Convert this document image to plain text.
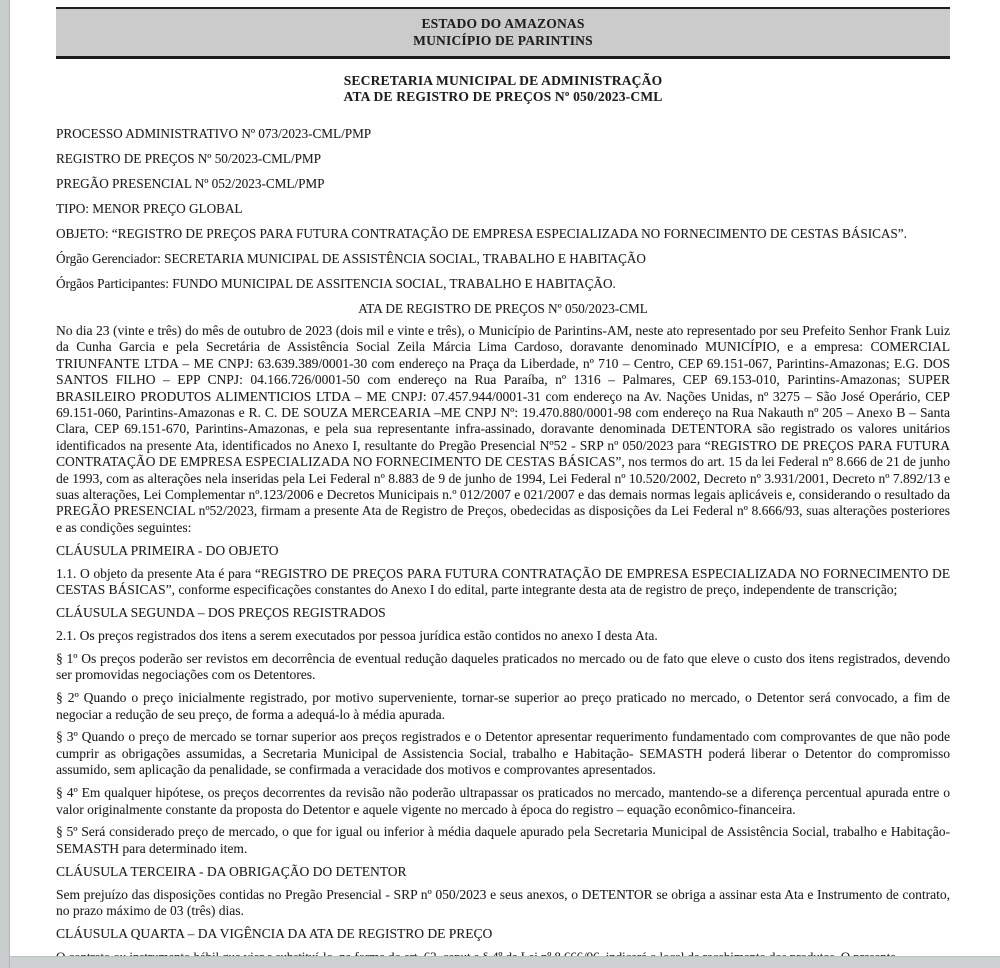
ESTADO DO AMAZONAS
MUNICÍPIO DE PARINTINS
SECRETARIA MUNICIPAL DE ADMINISTRAÇÃO
ATA DE REGISTRO DE PREÇOS Nº 050/2023-CML

PROCESSO ADMINISTRATIVO Nº 073/2023-CML/PMP

REGISTRO DE PREÇOS Nº 50/2023-CML/PMP

PREGÃO PRESENCIAL Nº 052/2023-CML/PMP

TIPO: MENOR PREÇO GLOBAL

OBJETO: “REGISTRO DE PREÇOS PARA FUTURA CONTRATAÇÃO DE EMPRESA ESPECIALIZADA NO FORNECIMENTO DE CESTAS BÁSICAS”.

Órgão Gerenciador: SECRETARIA MUNICIPAL DE ASSISTÊNCIA SOCIAL, TRABALHO E HABITAÇÃO

Órgãos Participantes: FUNDO MUNICIPAL DE ASSITENCIA SOCIAL, TRABALHO E HABITAÇÃO.

ATA DE REGISTRO DE PREÇOS Nº 050/2023-CML

No dia 23 (vinte e três) do mês de outubro de 2023 (dois mil e vinte e três), o Município de Parintins-AM, neste ato representado por seu Prefeito Senhor Frank Luiz da Cunha Garcia e pela Secretária de Assistência Social Zeila Márcia Lima Cardoso, doravante denominado MUNICÍPIO, e a empresa: COMERCIAL TRIUNFANTE LTDA – ME CNPJ: 63.639.389/0001-30 com endereço na Praça da Liberdade, nº 710 – Centro, CEP 69.151-067, Parintins-Amazonas; E.G. DOS SANTOS FILHO – EPP CNPJ: 04.166.726/0001-50 com endereço na Rua Paraíba, nº 1316 – Palmares, CEP 69.153-010, Parintins-Amazonas; SUPER BRASILEIRO PRODUTOS ALIMENTICIOS LTDA – ME CNPJ: 07.457.944/0001-31 com endereço na Av. Nações Unidas, nº 3275 – São José Operário, CEP 69.151-060, Parintins-Amazonas e R. C. DE SOUZA MERCEARIA –ME CNPJ Nº: 19.470.880/0001-98 com endereço na Rua Nakauth nº 205 – Anexo B – Santa Clara, CEP 69.151-670, Parintins-Amazonas, e pela sua representante infra-assinado, doravante denominada DETENTORA são registrado os valores unitários identificados na presente Ata, identificados no Anexo I, resultante do Pregão Presencial Nº52 - SRP nº 050/2023 para “REGISTRO DE PREÇOS PARA FUTURA CONTRATAÇÃO DE EMPRESA ESPECIALIZADA NO FORNECIMENTO DE CESTAS BÁSICAS”, nos termos do art. 15 da lei Federal nº 8.666 de 21 de junho de 1993, com as alterações nela inseridas pela Lei Federal nº 8.883 de 9 de junho de 1994, Lei Federal nº 10.520/2002, Decreto nº 3.931/2001, Decreto nº 7.892/13 e suas alterações, Lei Complementar nº.123/2006 e Decretos Municipais n.º 012/2007 e 021/2007 e das demais normas legais aplicáveis e, considerando o resultado da PREGÃO PRESENCIAL nº52/2023, firmam a presente Ata de Registro de Preços, obedecidas as disposições da Lei Federal nº 8.666/93, suas alterações posteriores e as condições seguintes:

CLÁUSULA PRIMEIRA - DO OBJETO

1.1. O objeto da presente Ata é para “REGISTRO DE PREÇOS PARA FUTURA CONTRATAÇÃO DE EMPRESA ESPECIALIZADA NO FORNECIMENTO DE CESTAS BÁSICAS”, conforme especificações constantes do Anexo I do edital, parte integrante desta ata de registro de preço, independente de transcrição;

CLÁUSULA SEGUNDA – DOS PREÇOS REGISTRADOS

2.1. Os preços registrados dos itens a serem executados por pessoa jurídica estão contidos no anexo I desta Ata.

§ 1º Os preços poderão ser revistos em decorrência de eventual redução daqueles praticados no mercado ou de fato que eleve o custo dos itens registrados, devendo ser promovidas negociações com os Detentores.

§ 2º Quando o preço inicialmente registrado, por motivo superveniente, tornar-se superior ao preço praticado no mercado, o Detentor será convocado, a fim de negociar a redução de seu preço, de forma a adequá-lo à média apurada.

§ 3º Quando o preço de mercado se tornar superior aos preços registrados e o Detentor apresentar requerimento fundamentado com comprovantes de que não pode cumprir as obrigações assumidas, a Secretaria Municipal de Assistencia Social, trabalho e Habitação- SEMASTH poderá liberar o Detentor do compromisso assumido, sem aplicação da penalidade, se confirmada a veracidade dos motivos e comprovantes apresentados.

§ 4º Em qualquer hipótese, os preços decorrentes da revisão não poderão ultrapassar os praticados no mercado, mantendo-se a diferença percentual apurada entre o valor originalmente constante da proposta do Detentor e aquele vigente no mercado à época do registro – equação econômico-financeira.

§ 5º Será considerado preço de mercado, o que for igual ou inferior à média daquele apurado pela Secretaria Municipal de Assistência Social, trabalho e Habitação- SEMASTH para determinado item.

CLÁUSULA TERCEIRA - DA OBRIGAÇÃO DO DETENTOR

Sem prejuízo das disposições contidas no Pregão Presencial - SRP nº 050/2023 e seus anexos, o DETENTOR se obriga a assinar esta Ata e Instrumento de contrato, no prazo máximo de 03 (três) dias.

CLÁUSULA QUARTA – DA VIGÊNCIA DA ATA DE REGISTRO DE PREÇO
